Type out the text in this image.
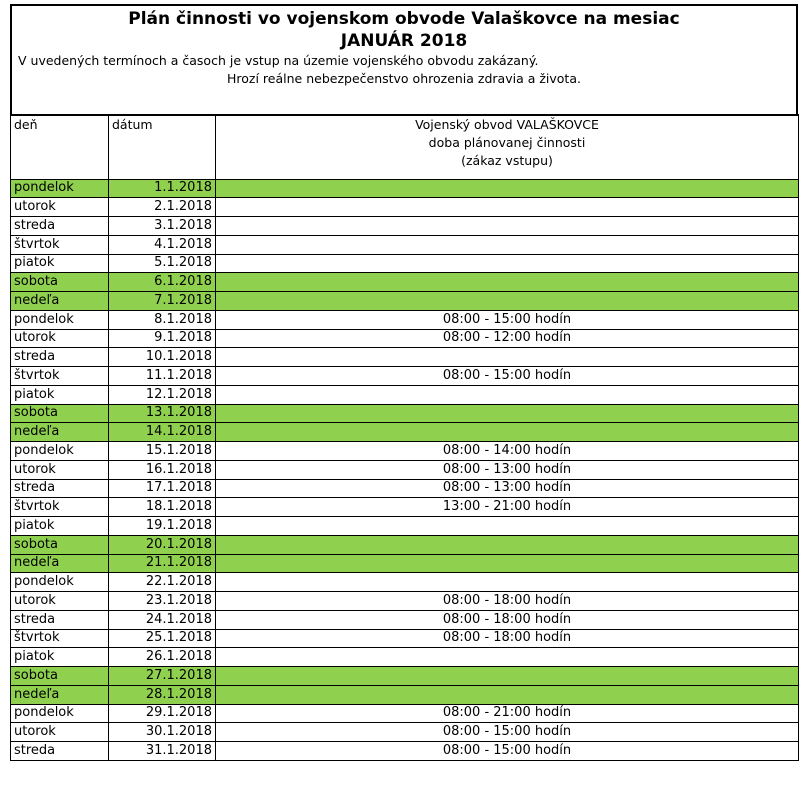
Plán činnosti vo vojenskom obvode Valaškovce na mesiac
JANUÁR 2018
V uvedených termínoch a časoch je vstup na územie vojenského obvodu zakázaný.
Hrozí reálne nebezpečenstvo ohrozenia zdravia a života.
deň	dátum	Vojenský obvod VALAŠKOVCE
doba plánovanej činnosti
(zákaz vstupu)

pondelok	1.1.2018	
utorok	2.1.2018	
streda	3.1.2018	
štvrtok	4.1.2018	
piatok	5.1.2018	
sobota	6.1.2018	
nedeľa	7.1.2018	
pondelok	8.1.2018	08:00 - 15:00 hodín
utorok	9.1.2018	08:00 - 12:00 hodín
streda	10.1.2018	
štvrtok	11.1.2018	08:00 - 15:00 hodín
piatok	12.1.2018	
sobota	13.1.2018	
nedeľa	14.1.2018	
pondelok	15.1.2018	08:00 - 14:00 hodín
utorok	16.1.2018	08:00 - 13:00 hodín
streda	17.1.2018	08:00 - 13:00 hodín
štvrtok	18.1.2018	13:00 - 21:00 hodín
piatok	19.1.2018	
sobota	20.1.2018	
nedeľa	21.1.2018	
pondelok	22.1.2018	
utorok	23.1.2018	08:00 - 18:00 hodín
streda	24.1.2018	08:00 - 18:00 hodín
štvrtok	25.1.2018	08:00 - 18:00 hodín
piatok	26.1.2018	
sobota	27.1.2018	
nedeľa	28.1.2018	
pondelok	29.1.2018	08:00 - 21:00 hodín
utorok	30.1.2018	08:00 - 15:00 hodín
streda	31.1.2018	08:00 - 15:00 hodín
